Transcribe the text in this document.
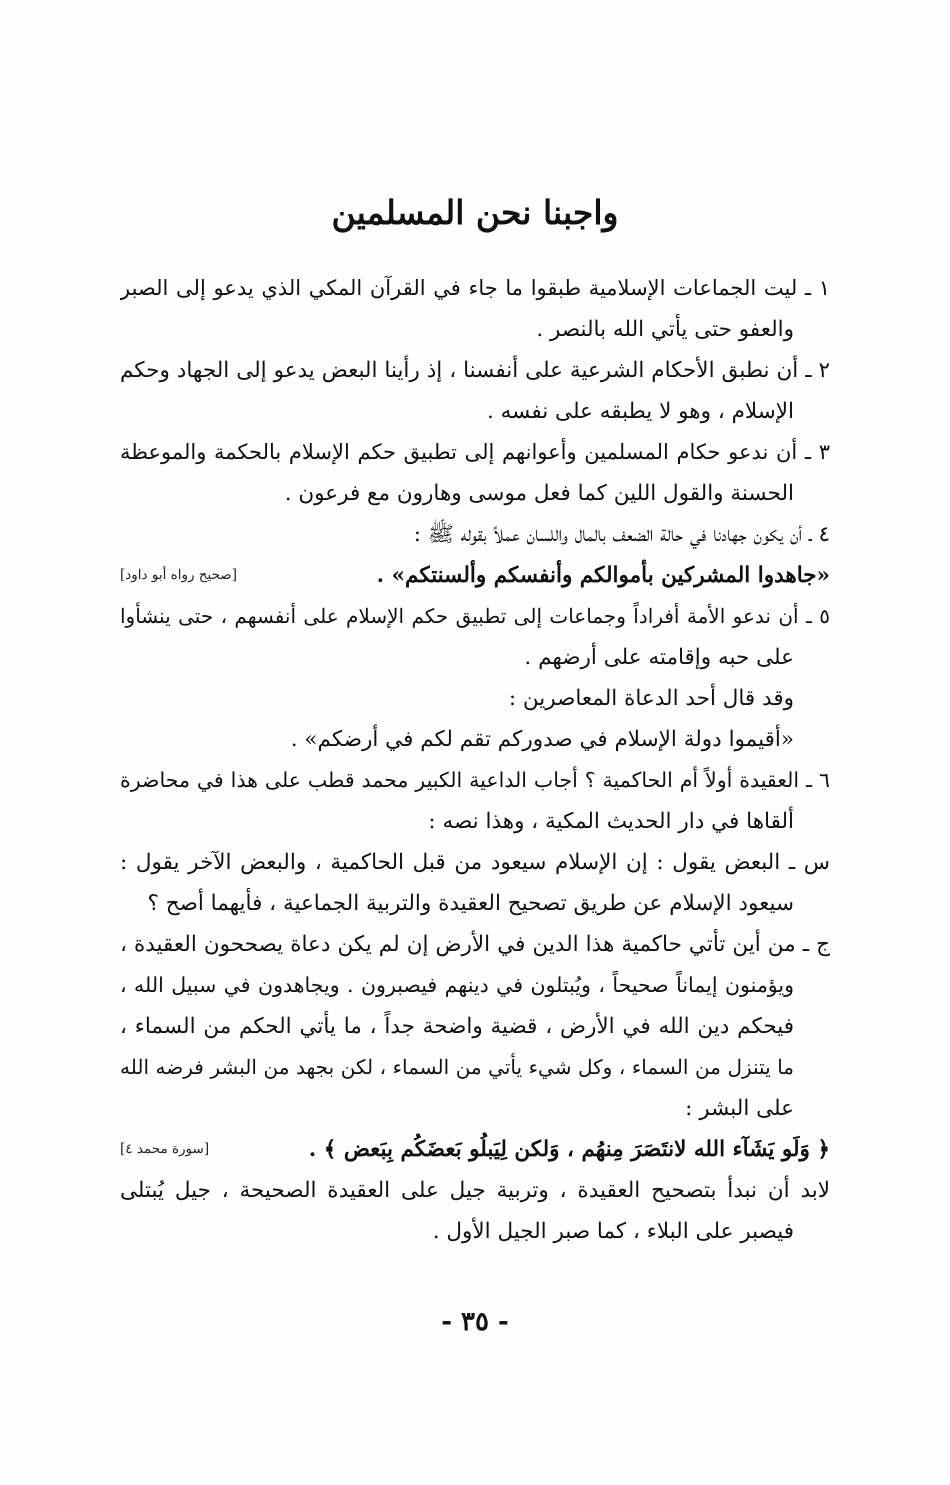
واجبنا نحن المسلمين
١ ـ ليت الجماعات الإسلامية طبقوا ما جاء في القرآن المكي الذي يدعو إلى الصبر
والعفو حتى يأتي الله بالنصر .
٢ ـ أن نطبق الأحكام الشرعية على أنفسنا ، إذ رأينا البعض يدعو إلى الجهاد وحكم
الإسلام ، وهو لا يطبقه على نفسه .
٣ ـ أن ندعو حكام المسلمين وأعوانهم إلى تطبيق حكم الإسلام بالحكمة والموعظة
الحسنة والقول اللين كما فعل موسى وهارون مع فرعون .
٤ ـ أن يكون جهادنا في حالة الضعف بالمال واللسان عملاً بقوله ﷺ :
«جاهدوا المشركين بأموالكم وأنفسكم وألسنتكم» .
[صحيح رواه أبو داود]
٥ ـ أن ندعو الأمة أفراداً وجماعات إلى تطبيق حكم الإسلام على أنفسهم ، حتى ينشأوا
على حبه وإقامته على أرضهم .
وقد قال أحد الدعاة المعاصرين :
«أقيموا دولة الإسلام في صدوركم تقم لكم في أرضكم» .
٦ ـ العقيدة أولاً أم الحاكمية ؟ أجاب الداعية الكبير محمد قطب على هذا في محاضرة
ألقاها في دار الحديث المكية ، وهذا نصه :
س ـ البعض يقول : إن الإسلام سيعود من قبل الحاكمية ، والبعض الآخر يقول :
سيعود الإسلام عن طريق تصحيح العقيدة والتربية الجماعية ، فأيهما أصح ؟
ج ـ من أين تأتي حاكمية هذا الدين في الأرض إن لم يكن دعاة يصححون العقيدة ،
ويؤمنون إيماناً صحيحاً ، ويُبتلون في دينهم فيصبرون . ويجاهدون في سبيل الله ،
فيحكم دين الله في الأرض ، قضية واضحة جداً ، ما يأتي الحكم من السماء ،
ما يتنزل من السماء ، وكل شيء يأتي من السماء ، لكن بجهد من البشر فرضه الله
على البشر :
﴿ وَلَو يَشَآء الله لانتَصَرَ مِنهُم ، وَلكن لِيَبلُو بَعضَكُم بِبَعض ﴾ .
[سورة محمد ٤]
لابد أن نبدأ بتصحيح العقيدة ، وتربية جيل على العقيدة الصحيحة ، جيل يُبتلى
فيصبر على البلاء ، كما صبر الجيل الأول .
- ٣٥ -
